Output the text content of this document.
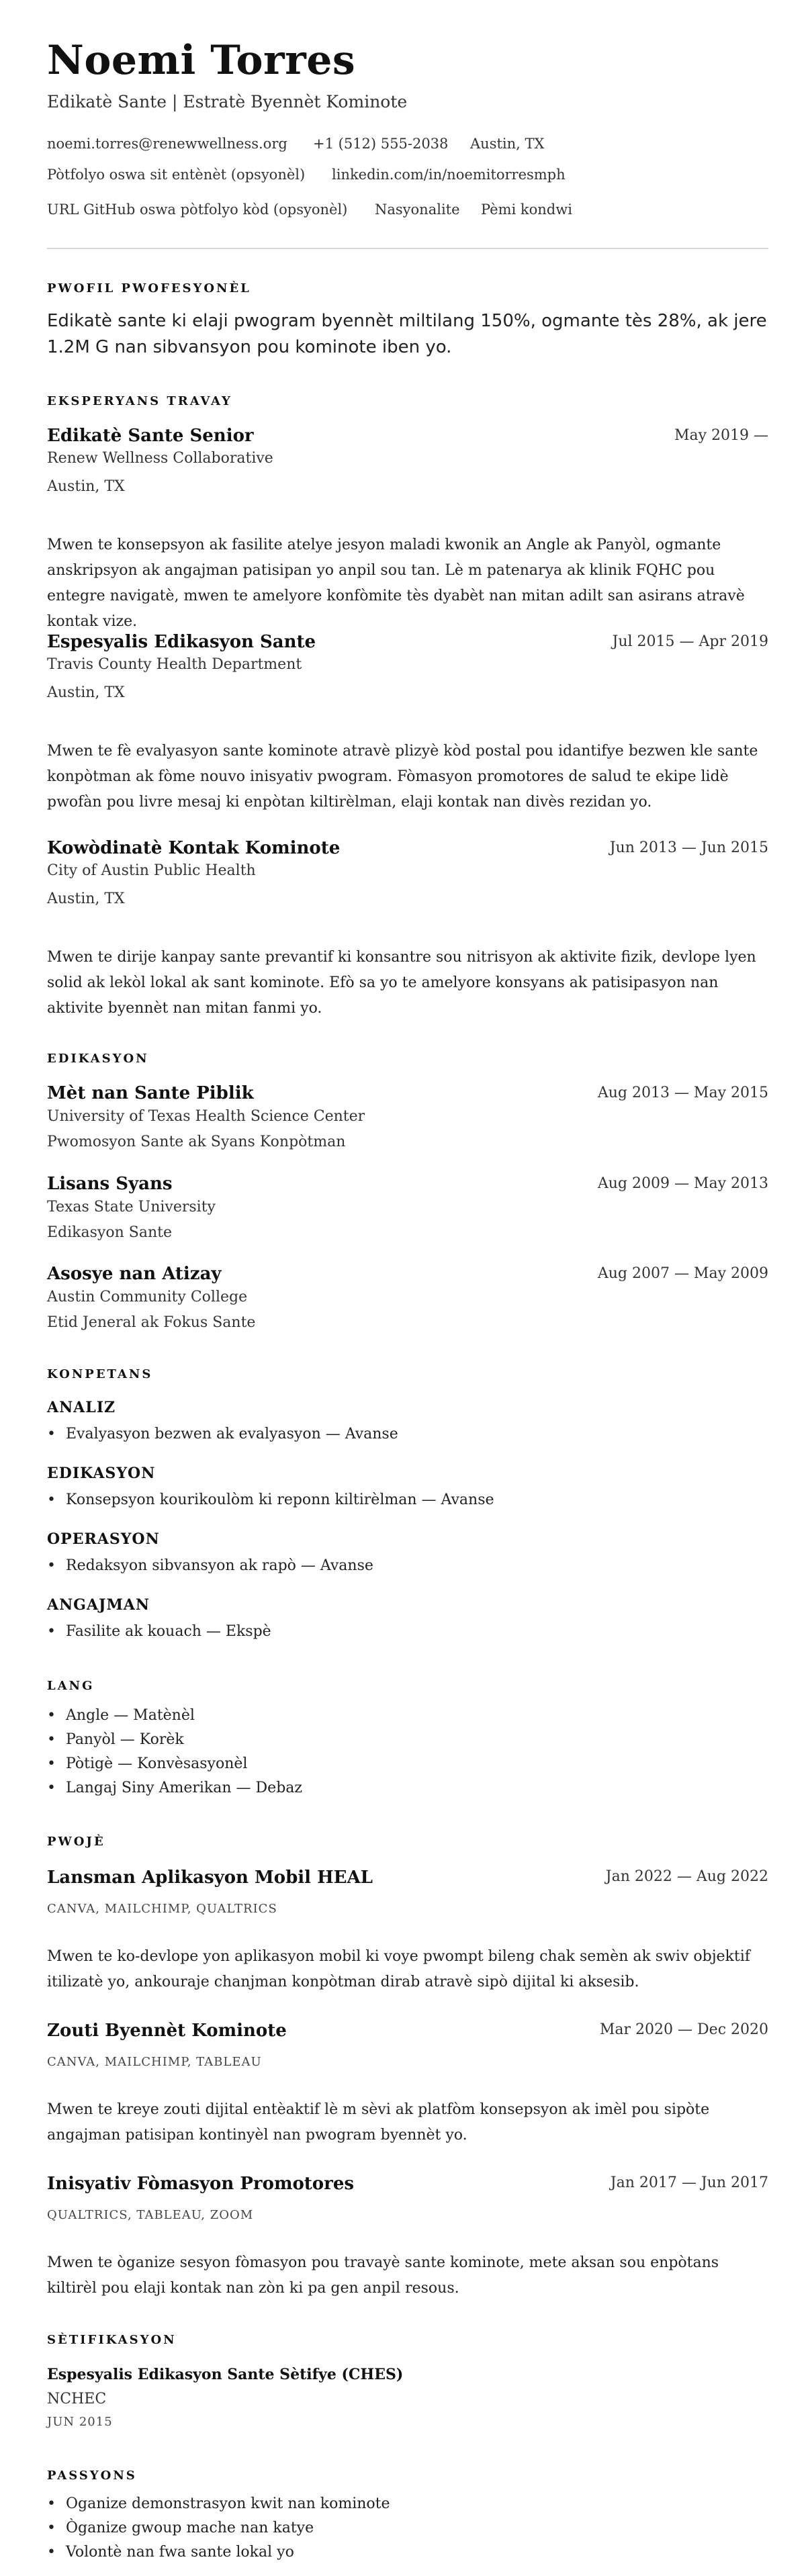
Noemi Torres
Edikatè Sante | Estratè Byennèt Kominote
noemi.torres@renewwellness.org +1 (512) 555-2038 Austin, TX
Pòtfolyo oswa sit entènèt (opsyonèl) linkedin.com/in/noemitorresmph
URL GitHub oswa pòtfolyo kòd (opsyonèl) Nasyonalite Pèmi kondwi
PWOFIL PWOFESYONÈL
Edikatè sante ki elaji pwogram byennèt miltilang 150%, ogmante tès 28%, ak jere 1.2M G nan sibvansyon pou kominote iben yo.
EKSPERYANS TRAVAY
Edikatè Sante Senior	May 2019 —
Renew Wellness Collaborative
Austin, TX
Mwen te konsepsyon ak fasilite atelye jesyon maladi kwonik an Angle ak Panyòl, ogmante anskripsyon ak angajman patisipan yo anpil sou tan. Lè m patenarya ak klinik FQHC pou entegre navigatè, mwen te amelyore konfòmite tès dyabèt nan mitan adilt san asirans atravè kontak vize.
Espesyalis Edikasyon Sante	Jul 2015 — Apr 2019
Travis County Health Department
Austin, TX
Mwen te fè evalyasyon sante kominote atravè plizyè kòd postal pou idantifye bezwen kle sante konpòtman ak fòme nouvo inisyativ pwogram. Fòmasyon promotores de salud te ekipe lidè pwofàn pou livre mesaj ki enpòtan kiltirèlman, elaji kontak nan divès rezidan yo.
Kowòdinatè Kontak Kominote	Jun 2013 — Jun 2015
City of Austin Public Health
Austin, TX
Mwen te dirije kanpay sante prevantif ki konsantre sou nitrisyon ak aktivite fizik, devlope lyen solid ak lekòl lokal ak sant kominote. Efò sa yo te amelyore konsyans ak patisipasyon nan aktivite byennèt nan mitan fanmi yo.
EDIKASYON
Mèt nan Sante Piblik	Aug 2013 — May 2015
University of Texas Health Science Center
Pwomosyon Sante ak Syans Konpòtman
Lisans Syans	Aug 2009 — May 2013
Texas State University
Edikasyon Sante
Asosye nan Atizay	Aug 2007 — May 2009
Austin Community College
Etid Jeneral ak Fokus Sante
KONPETANS
ANALIZ
• Evalyasyon bezwen ak evalyasyon — Avanse
EDIKASYON
• Konsepsyon kourikoulòm ki reponn kiltirèlman — Avanse
OPERASYON
• Redaksyon sibvansyon ak rapò — Avanse
ANGAJMAN
• Fasilite ak kouach — Ekspè
LANG
• Angle — Matènèl
• Panyòl — Korèk
• Pòtigè — Konvèsasyonèl
• Langaj Siny Amerikan — Debaz
PWOJÈ
Lansman Aplikasyon Mobil HEAL	Jan 2022 — Aug 2022
CANVA, MAILCHIMP, QUALTRICS
Mwen te ko-devlope yon aplikasyon mobil ki voye pwompt bileng chak semèn ak swiv objektif itilizatè yo, ankouraje chanjman konpòtman dirab atravè sipò dijital ki aksesib.
Zouti Byennèt Kominote	Mar 2020 — Dec 2020
CANVA, MAILCHIMP, TABLEAU
Mwen te kreye zouti dijital entèaktif lè m sèvi ak platfòm konsepsyon ak imèl pou sipòte angajman patisipan kontinyèl nan pwogram byennèt yo.
Inisyativ Fòmasyon Promotores	Jan 2017 — Jun 2017
QUALTRICS, TABLEAU, ZOOM
Mwen te òganize sesyon fòmasyon pou travayè sante kominote, mete aksan sou enpòtans kiltirèl pou elaji kontak nan zòn ki pa gen anpil resous.
SÈTIFIKASYON
Espesyalis Edikasyon Sante Sètifye (CHES)
NCHEC
JUN 2015
PASSYONS
• Oganize demonstrasyon kwit nan kominote
• Òganize gwoup mache nan katye
• Volontè nan fwa sante lokal yo
